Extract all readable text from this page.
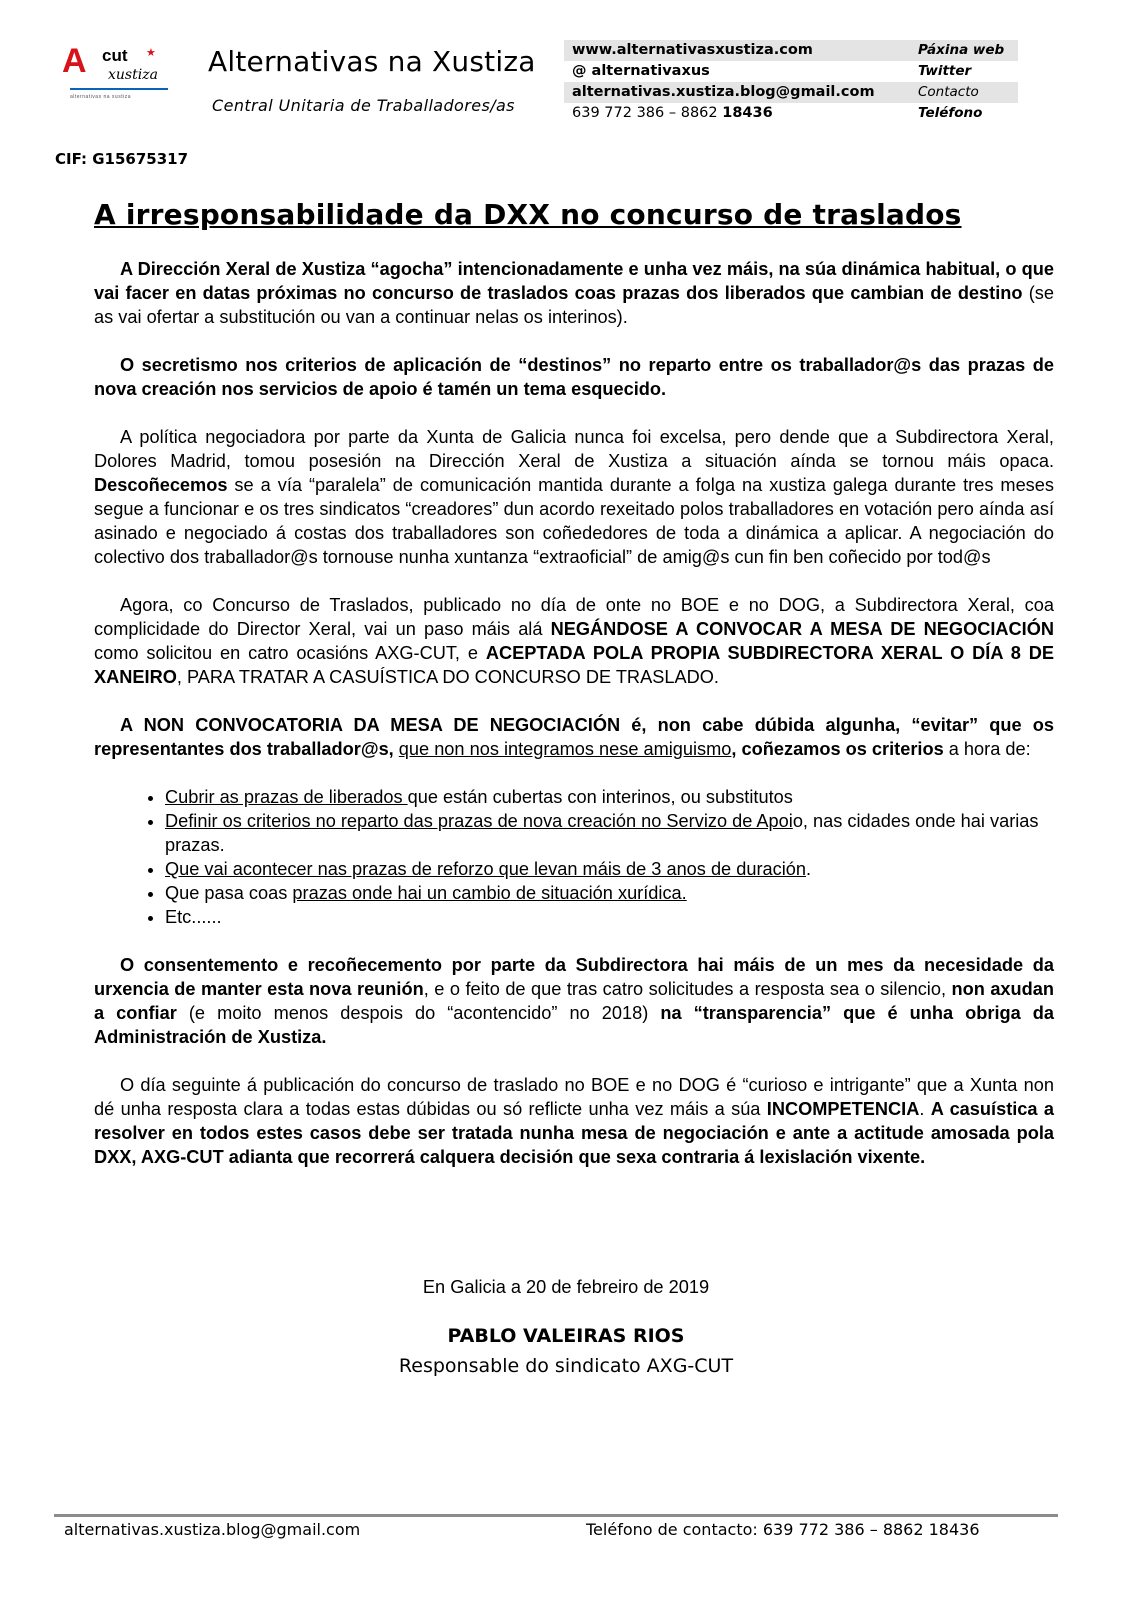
A cut ★
xustiza
alternativas na xustiza
Alternativas na Xustiza
Central Unitaria de Traballadores/as
www.alternativasxustiza.com	Páxina web
@ alternativaxus	Twitter
alternativas.xustiza.blog@gmail.com	Contacto
639 772 386 – 8862 18436	Teléfono
CIF: G15675317
A irresponsabilidade da DXX no concurso de traslados

A Dirección Xeral de Xustiza “agocha” intencionadamente e unha vez máis, na súa dinámica habitual, o que vai facer en datas próximas no concurso de traslados coas prazas dos liberados que cambian de destino (se as vai ofertar a substitución ou van a continuar nelas os interinos).

O secretismo nos criterios de aplicación de “destinos” no reparto entre os traballador@s das prazas de nova creación nos servicios de apoio é tamén un tema esquecido.

A política negociadora por parte da Xunta de Galicia nunca foi excelsa, pero dende que a Subdirectora Xeral, Dolores Madrid, tomou posesión na Dirección Xeral de Xustiza a situación aínda se tornou máis opaca. Descoñecemos se a vía “paralela” de comunicación mantida durante a folga na xustiza galega durante tres meses segue a funcionar e os tres sindicatos “creadores” dun acordo rexeitado polos traballadores en votación pero aínda así asinado e negociado á costas dos traballadores son coñededores de toda a dinámica a aplicar. A negociación do colectivo dos traballador@s tornouse nunha xuntanza “extraoficial” de amig@s cun fin ben coñecido por tod@s

Agora, co Concurso de Traslados, publicado no día de onte no BOE e no DOG, a Subdirectora Xeral, coa complicidade do Director Xeral, vai un paso máis alá NEGÁNDOSE A CONVOCAR A MESA DE NEGOCIACIÓN como solicitou en catro ocasións AXG-CUT, e ACEPTADA POLA PROPIA SUBDIRECTORA XERAL O DÍA 8 DE XANEIRO, PARA TRATAR A CASUÍSTICA DO CONCURSO DE TRASLADO.

A NON CONVOCATORIA DA MESA DE NEGOCIACIÓN é, non cabe dúbida algunha, “evitar” que os representantes dos traballador@s, que non nos integramos nese amiguismo, coñezamos os criterios a hora de:

• Cubrir as prazas de liberados que están cubertas con interinos, ou substitutos
• Definir os criterios no reparto das prazas de nova creación no Servizo de Apoio, nas cidades onde hai varias prazas.
• Que vai acontecer nas prazas de reforzo que levan máis de 3 anos de duración.
• Que pasa coas prazas onde hai un cambio de situación xurídica.
• Etc......

O consentemento e recoñecemento por parte da Subdirectora hai máis de un mes da necesidade da urxencia de manter esta nova reunión, e o feito de que tras catro solicitudes a resposta sea o silencio, non axudan a confiar (e moito menos despois do “acontencido” no 2018) na “transparencia” que é unha obriga da Administración de Xustiza.

O día seguinte á publicación do concurso de traslado no BOE e no DOG é “curioso e intrigante” que a Xunta non dé unha resposta clara a todas estas dúbidas ou só reflicte unha vez máis a súa INCOMPETENCIA. A casuística a resolver en todos estes casos debe ser tratada nunha mesa de negociación e ante a actitude amosada pola DXX, AXG-CUT adianta que recorrerá calquera decisión que sexa contraria á lexislación vixente.

En Galicia a 20 de febreiro de 2019
PABLO VALEIRAS RIOS
Responsable do sindicato AXG-CUT
alternativas.xustiza.blog@gmail.com	Teléfono de contacto: 639 772 386 – 8862 18436
